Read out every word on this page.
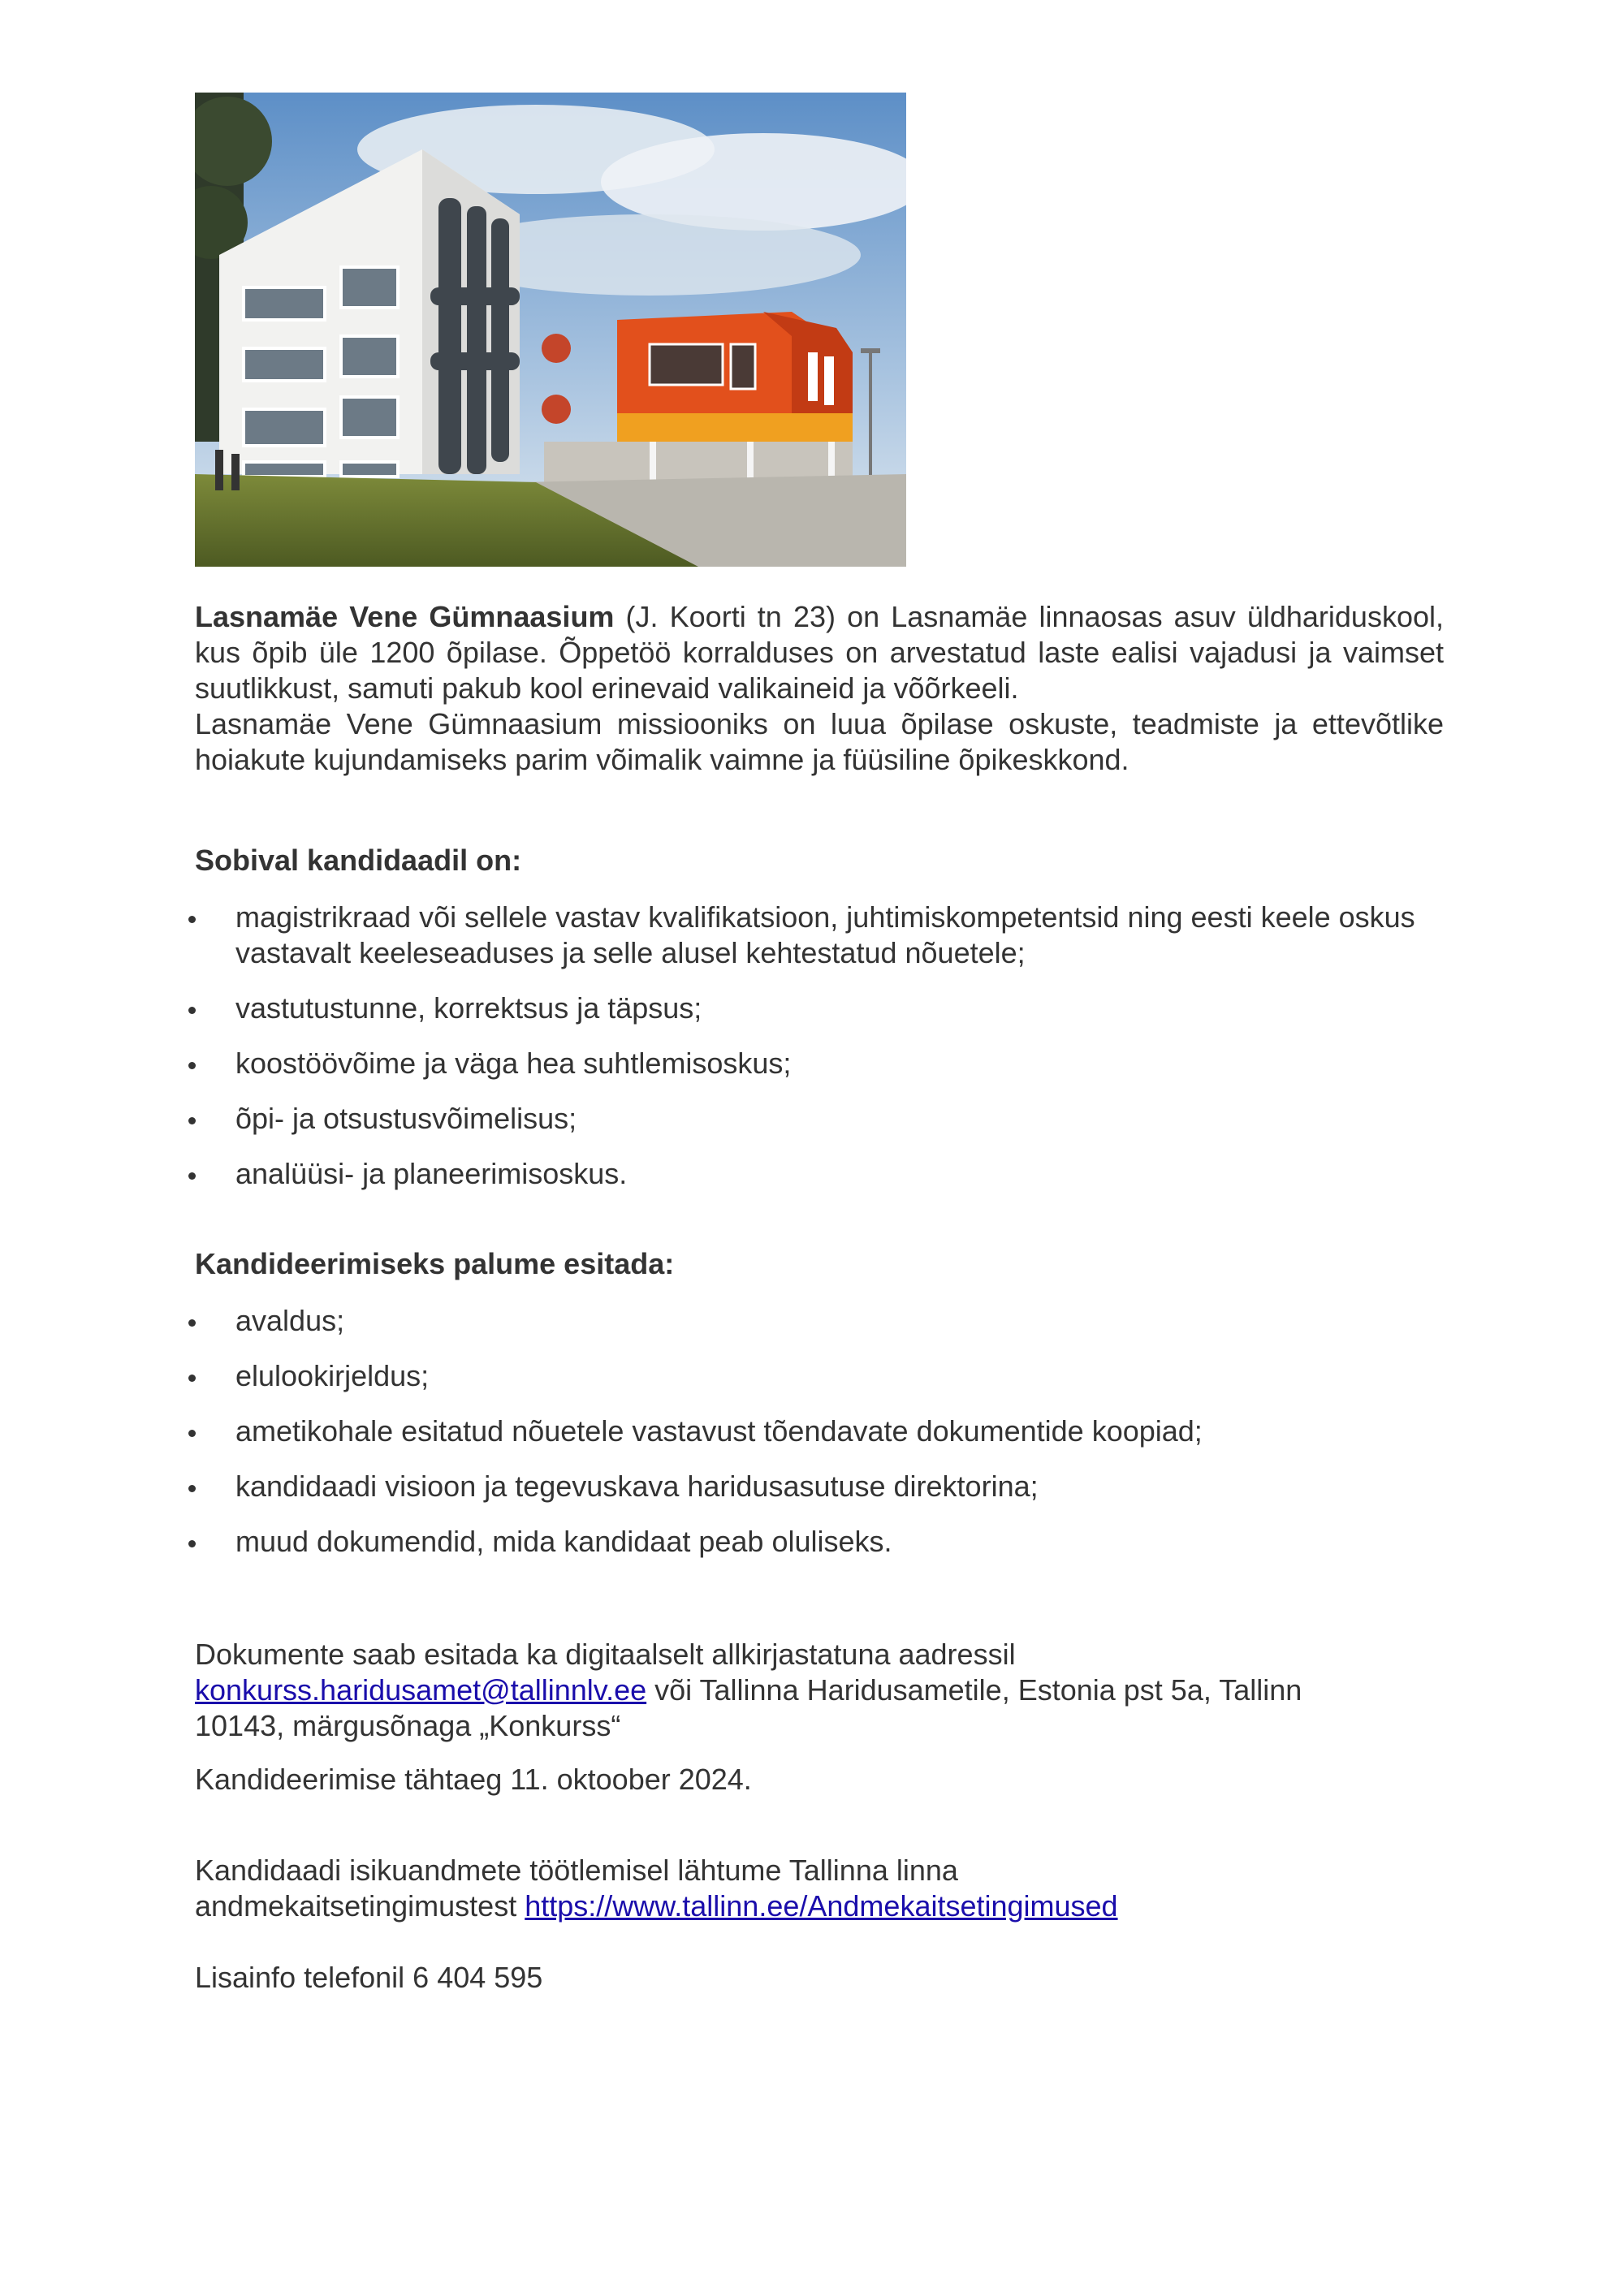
Lasnamäe Vene Gümnaasium (J. Koorti tn 23) on Lasnamäe linnaosas asuv üldhariduskool, kus õpib üle 1200 õpilase. Õppetöö korralduses on arvestatud laste ealisi vajadusi ja vaimset suutlikkust, samuti pakub kool erinevaid valikaineid ja võõrkeeli.

Lasnamäe Vene Gümnaasium missiooniks on luua õpilase oskuste, teadmiste ja ettevõtlike hoiakute kujundamiseks parim võimalik vaimne ja füüsiline õpikeskkond.

Sobival kandidaadil on:
magistrikraad või sellele vastav kvalifikatsioon, juhtimiskompetentsid ning eesti keele oskus vastavalt keeleseaduses ja selle alusel kehtestatud nõuetele;
vastutustunne, korrektsus ja täpsus;
koostöövõime ja väga hea suhtlemisoskus;
õpi- ja otsustusvõimelisus;
analüüsi- ja planeerimisoskus.
Kandideerimiseks palume esitada:
avaldus;
elulookirjeldus;
ametikohale esitatud nõuetele vastavust tõendavate dokumentide koopiad;
kandidaadi visioon ja tegevuskava haridusasutuse direktorina;
muud dokumendid, mida kandidaat peab oluliseks.

Dokumente saab esitada ka digitaalselt allkirjastatuna aadressil konkurss.haridusamet@tallinnlv.ee või Tallinna Haridusametile, Estonia pst 5a, Tallinn 10143, märgusõnaga „Konkurss“

Kandideerimise tähtaeg 11. oktoober 2024.

Kandidaadi isikuandmete töötlemisel lähtume Tallinna linna andmekaitsetingimustest https://www.tallinn.ee/Andmekaitsetingimused

Lisainfo telefonil 6 404 595
